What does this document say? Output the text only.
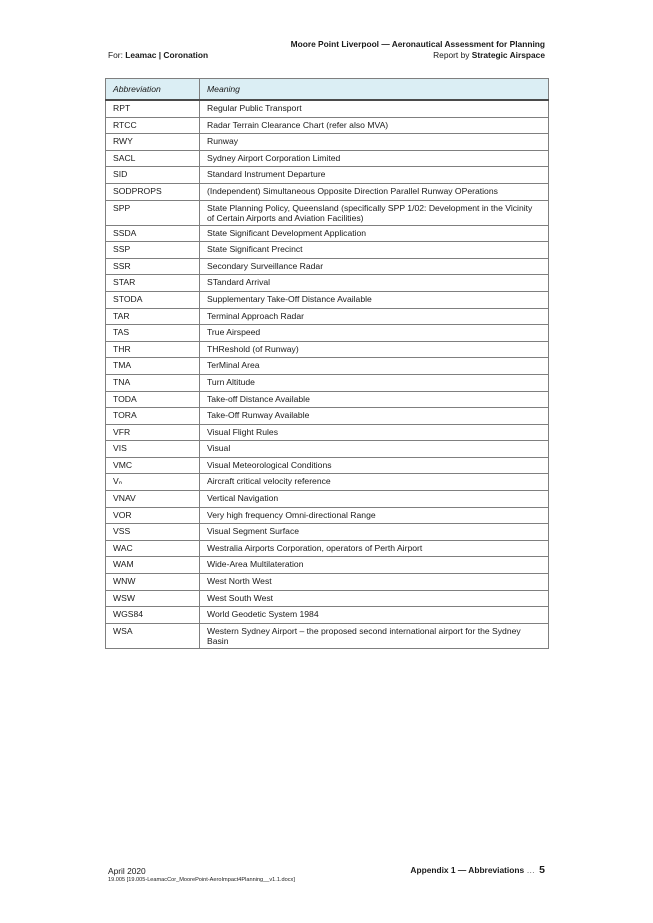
Moore Point Liverpool — Aeronautical Assessment for Planning
Report by Strategic Airspace
For: Leamac | Coronation
Abbreviation	Meaning
RPT	Regular Public Transport
RTCC	Radar Terrain Clearance Chart (refer also MVA)
RWY	Runway
SACL	Sydney Airport Corporation Limited
SID	Standard Instrument Departure
SODPROPS	(Independent) Simultaneous Opposite Direction Parallel Runway OPerations
SPP	State Planning Policy, Queensland (specifically SPP 1/02: Development in the Vicinity of Certain Airports and Aviation Facilities)
SSDA	State Significant Development Application
SSP	State Significant Precinct
SSR	Secondary Surveillance Radar
STAR	STandard Arrival
STODA	Supplementary Take-Off Distance Available
TAR	Terminal Approach Radar
TAS	True Airspeed
THR	THReshold (of Runway)
TMA	TerMinal Area
TNA	Turn Altitude
TODA	Take-off Distance Available
TORA	Take-Off Runway Available
VFR	Visual Flight Rules
VIS	Visual
VMC	Visual Meteorological Conditions
Vₙ	Aircraft critical velocity reference
VNAV	Vertical Navigation
VOR	Very high frequency Omni-directional Range
VSS	Visual Segment Surface
WAC	Westralia Airports Corporation, operators of Perth Airport
WAM	Wide-Area Multilateration
WNW	West North West
WSW	West South West
WGS84	World Geodetic System 1984
WSA	Western Sydney Airport – the proposed second international airport for the Sydney Basin
April 2020
19.005 [19.005-LeamacCor_MoorePoint-AeroImpact4Planning__v1.1.docx]
Appendix 1 — Abbreviations … 5
